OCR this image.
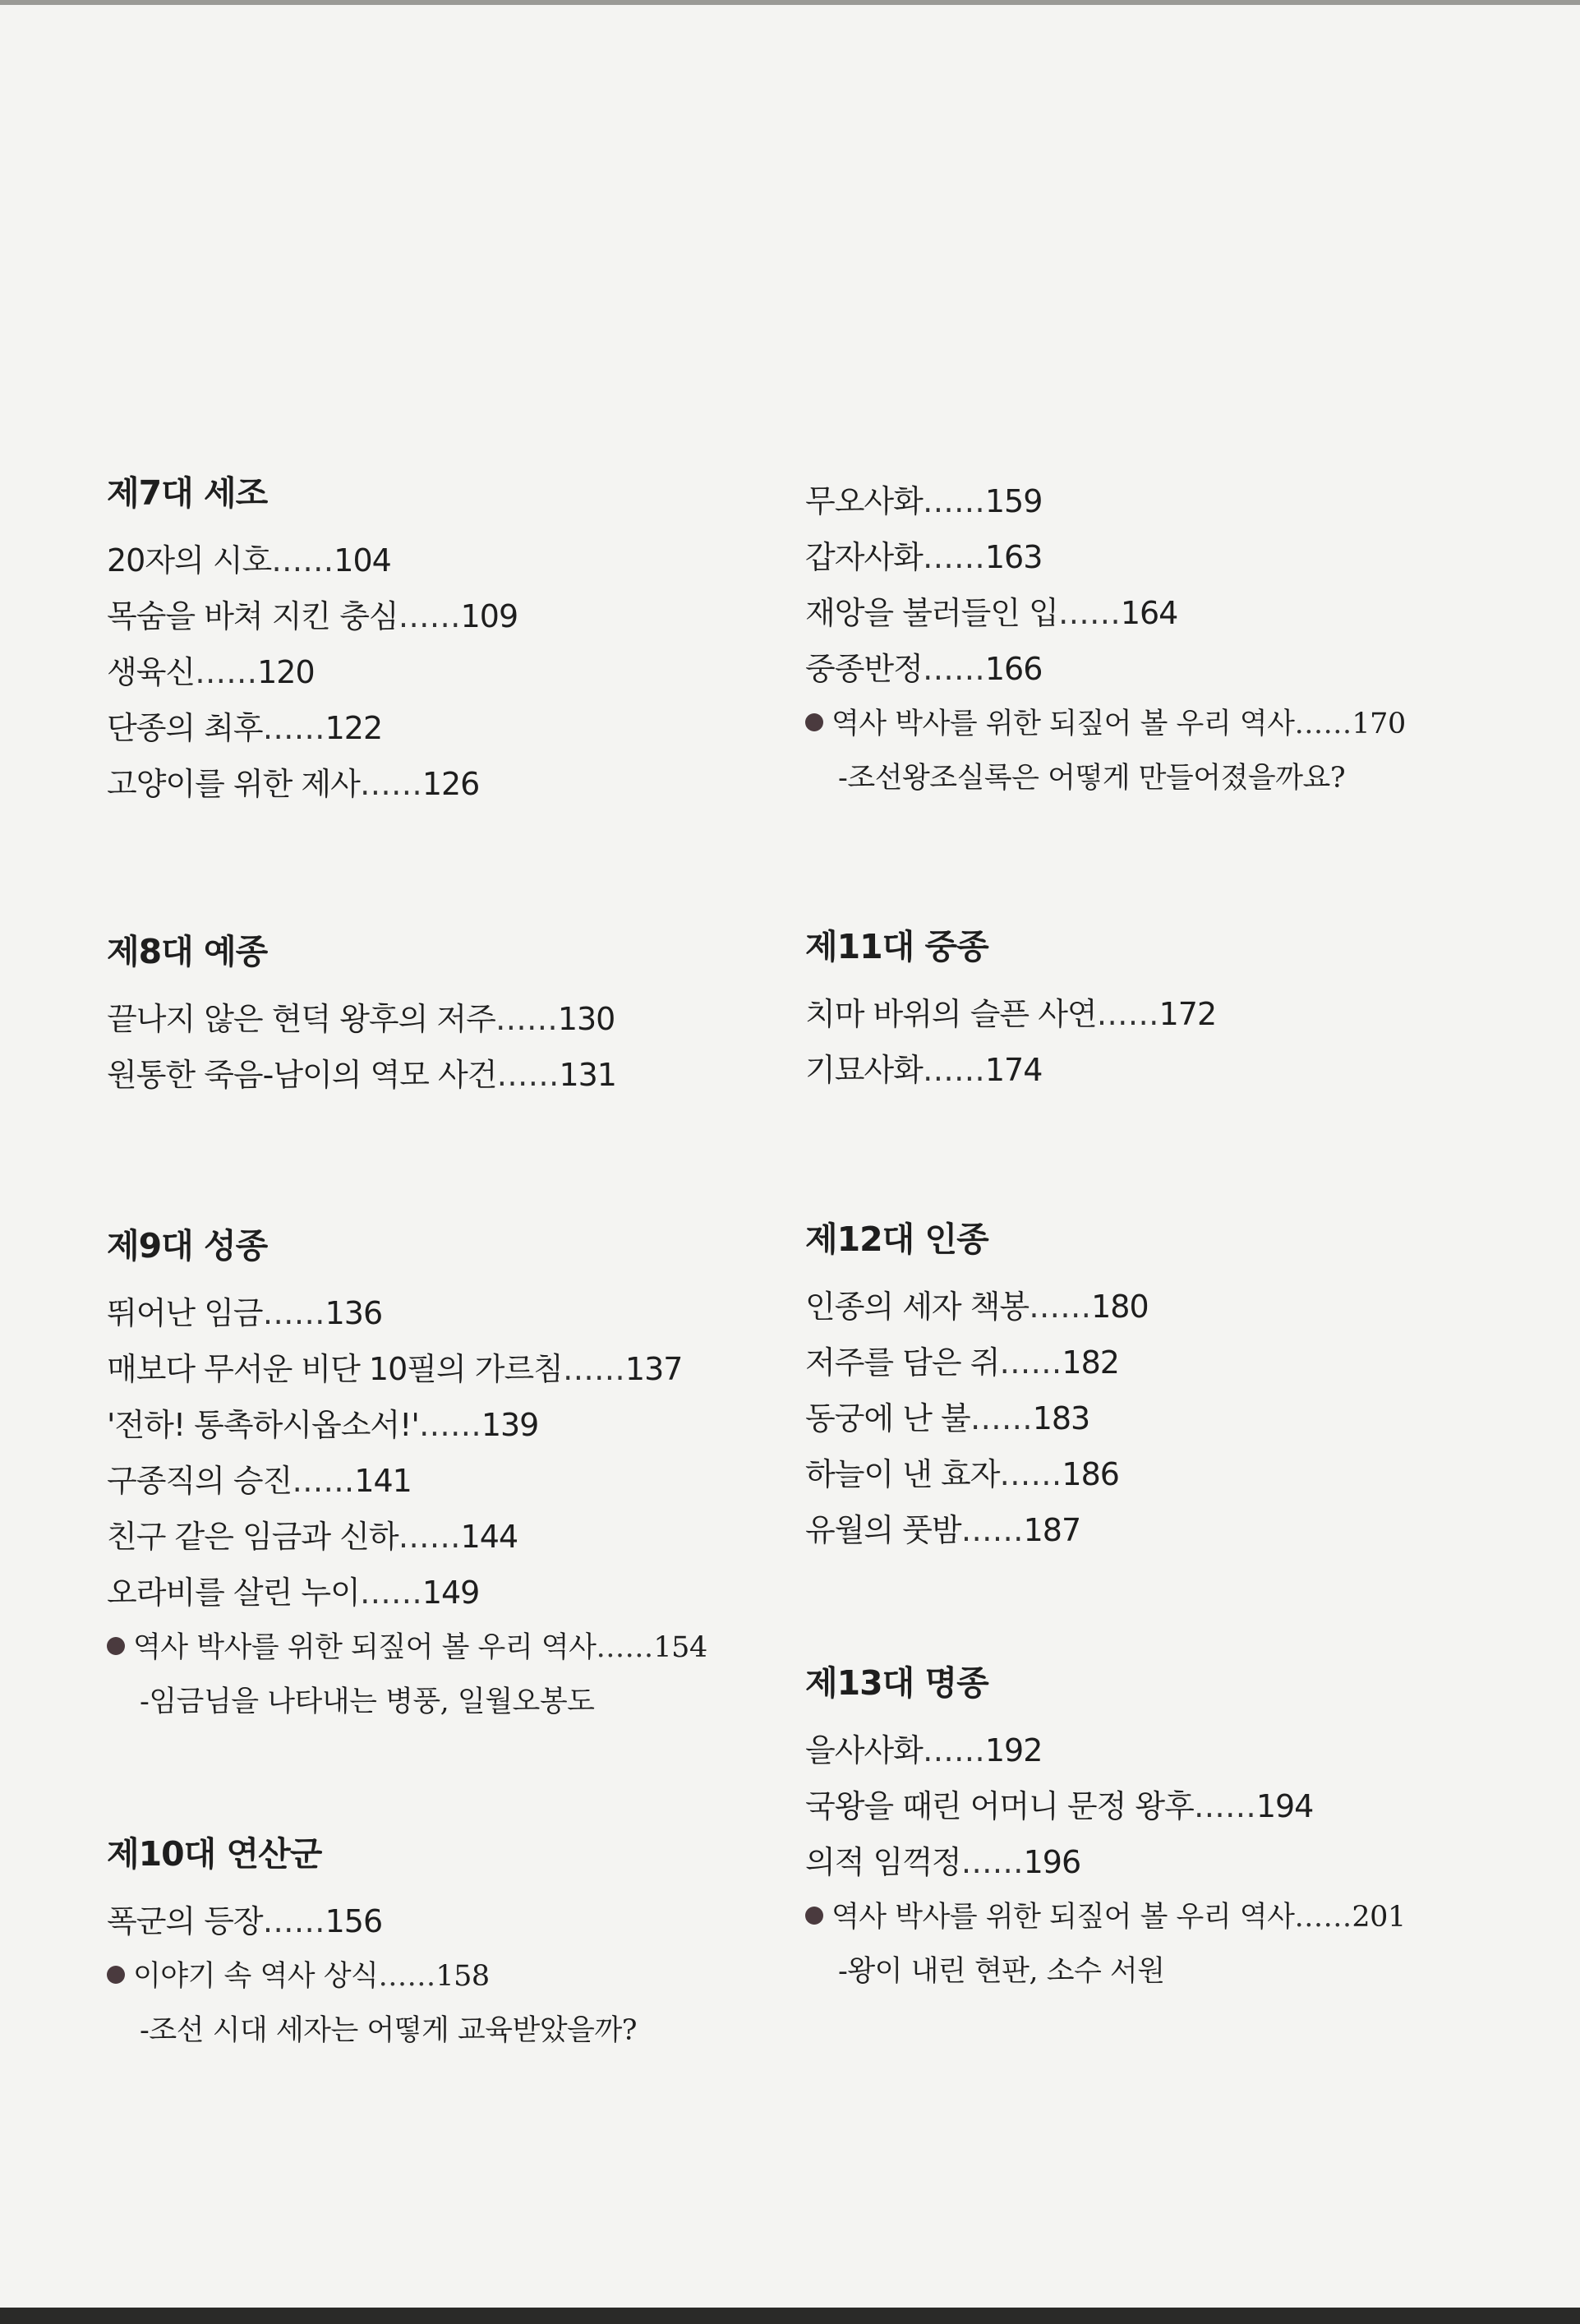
제7대 세조
20자의 시호……104
목숨을 바쳐 지킨 충심……109
생육신……120
단종의 최후……122
고양이를 위한 제사……126
제8대 예종
끝나지 않은 현덕 왕후의 저주……130
원통한 죽음-남이의 역모 사건……131
제9대 성종
뛰어난 임금……136
매보다 무서운 비단 10필의 가르침……137
'전하! 통촉하시옵소서!'……139
구종직의 승진……141
친구 같은 임금과 신하……144
오라비를 살린 누이……149
역사 박사를 위한 되짚어 볼 우리 역사……154
-임금님을 나타내는 병풍, 일월오봉도
제10대 연산군
폭군의 등장……156
이야기 속 역사 상식……158
-조선 시대 세자는 어떻게 교육받았을까?
무오사화……159
갑자사화……163
재앙을 불러들인 입……164
중종반정……166
역사 박사를 위한 되짚어 볼 우리 역사……170
-조선왕조실록은 어떻게 만들어졌을까요?
제11대 중종
치마 바위의 슬픈 사연……172
기묘사화……174
제12대 인종
인종의 세자 책봉……180
저주를 담은 쥐……182
동궁에 난 불……183
하늘이 낸 효자……186
유월의 풋밤……187
제13대 명종
을사사화……192
국왕을 때린 어머니 문정 왕후……194
의적 임꺽정……196
역사 박사를 위한 되짚어 볼 우리 역사……201
-왕이 내린 현판, 소수 서원
